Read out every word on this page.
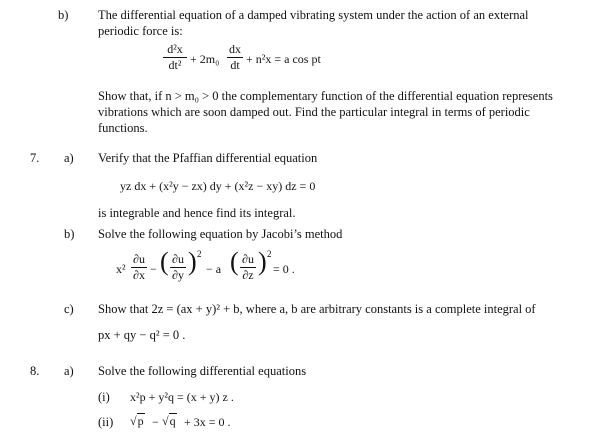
b) The differential equation of a damped vibrating system under the action of an external
periodic force is:
d²x
dt² + 2m₀
dx
dt + n²x = a cos pt
Show that, if n > m₀ > 0 the complementary function of the differential equation represents
vibrations which are soon damped out. Find the particular integral in terms of periodic
functions.
7. a) Verify that the Pfaffian differential equation
yz dx + (x²y − zx) dy + (x²z − xy) dz = 0
is integrable and hence find its integral.
b) Solve the following equation by Jacobi’s method
x²
∂u
∂x − ( ∂u
∂y ) 2
− a ( ∂u
∂z ) 2
= 0 .
c) Show that 2z = (ax + y)² + b, where a, b are arbitrary constants is a complete integral of
px + qy − q² = 0 .
8. a) Solve the following differential equations
(i) x²p + y²q = (x + y) z .
(ii) √p − √q + 3x = 0 .
